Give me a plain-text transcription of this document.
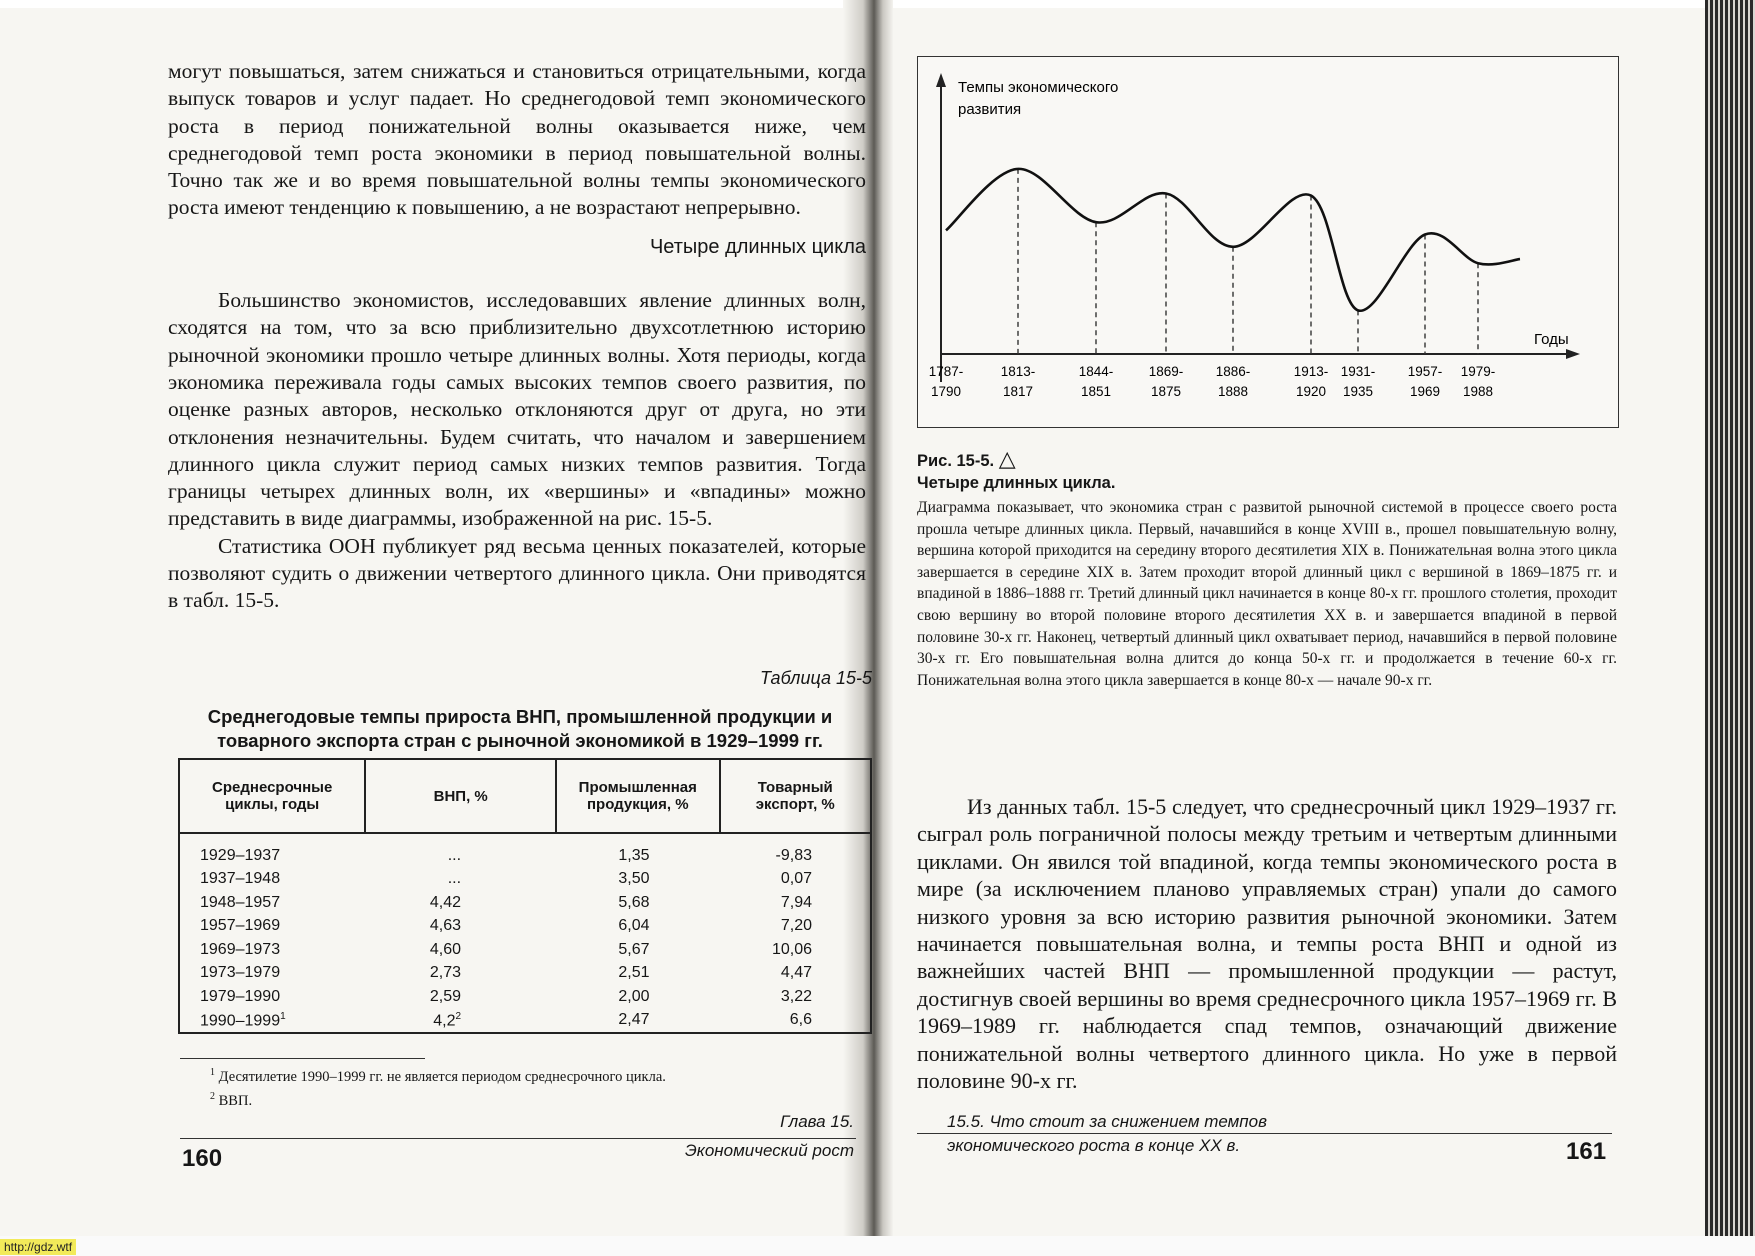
могут повышаться, затем снижаться и становиться отрицательными, когда выпуск товаров и услуг падает. Но среднегодовой темп экономического роста в период понижательной волны оказывается ниже, чем среднегодовой темп роста экономики в период повышательной волны. Точно так же и во время повышательной волны темпы экономического роста имеют тенденцию к повышению, а не возрастают непрерывно.

Четыре длинных цикла

Большинство экономистов, исследовавших явление длинных волн, сходятся на том, что за всю приблизительно двухсотлетнюю историю рыночной экономики прошло четыре длинных волны. Хотя периоды, когда экономика переживала годы самых высоких темпов своего развития, по оценке разных авторов, несколько отклоняются друг от друга, но эти отклонения незначительны. Будем считать, что началом и завершением длинного цикла служит период самых низких темпов развития. Тогда границы четырех длинных волн, их «вершины» и «впадины» можно представить в виде диаграммы, изображенной на рис. 15-5.

Статистика ООН публикует ряд весьма ценных показателей, которые позволяют судить о движении четвертого длинного цикла. Они приводятся в табл. 15-5.

Таблица 15-5
Среднегодовые темпы прироста ВНП, промышленной продукции и товарного экспорта стран с рыночной экономикой в 1929–1999 гг.
Среднесрочные циклы, годы	ВНП, %	Промышленная продукция, %	Товарный экспорт, %
1929–1937	...	1,35	-9,83
1937–1948	...	3,50	0,07
1948–1957	4,42	5,68	7,94
1957–1969	4,63	6,04	7,20
1969–1973	4,60	5,67	10,06
1973–1979	2,73	2,51	4,47
1979–1990	2,59	2,00	3,22
1990–1999$^1$	$4,2^2$	2,47	6,6
$^1$ Десятилетие 1990–1999 гг. не является периодом среднесрочного цикла.
$^2$ ВВП.
Глава 15.
Экономический рост
160
Темпы экономического
развития
Годы
1787-
1790
1813-
1817
1844-
1851
1869-
1875
1886-
1888
1913-
1920
1931-
1935
1957-
1969
1979-
1988
Рис. 15-5. △
Четыре длинных цикла.
Диаграмма показывает, что экономика стран с развитой рыночной системой в процессе своего роста прошла четыре длинных цикла. Первый, начавшийся в конце XVIII в., прошел повышательную волну, вершина которой приходится на середину второго десятилетия XIX в. Понижательная волна этого цикла завершается в середине XIX в. Затем проходит второй длинный цикл с вершиной в 1869–1875 гг. и впадиной в 1886–1888 гг. Третий длинный цикл начинается в конце 80-х гг. прошлого столетия, проходит свою вершину во второй половине второго десятилетия XX в. и завершается впадиной в первой половине 30-х гг. Наконец, четвертый длинный цикл охватывает период, начавшийся в первой половине 30-х гг. Его повышательная волна длится до конца 50-х гг. и продолжается в течение 60-х гг. Понижательная волна этого цикла завершается в конце 80-х — начале 90-х гг.

Из данных табл. 15-5 следует, что среднесрочный цикл 1929–1937 гг. сыграл роль пограничной полосы между третьим и четвертым длинными циклами. Он явился той впадиной, когда темпы экономического роста в мире (за исключением планово управляемых стран) упали до самого низкого уровня за всю историю развития рыночной экономики. Затем начинается повышательная волна, и темпы роста ВНП и одной из важнейших частей ВНП — промышленной продукции — растут, достигнув своей вершины во время среднесрочного цикла 1957–1969 гг. В 1969–1989 гг. наблюдается спад темпов, означающий движение понижательной волны четвертого длинного цикла. Но уже в первой половине 90-х гг.

15.5. Что стоит за снижением темпов
экономического роста в конце XX в.	161
http://gdz.wtf
